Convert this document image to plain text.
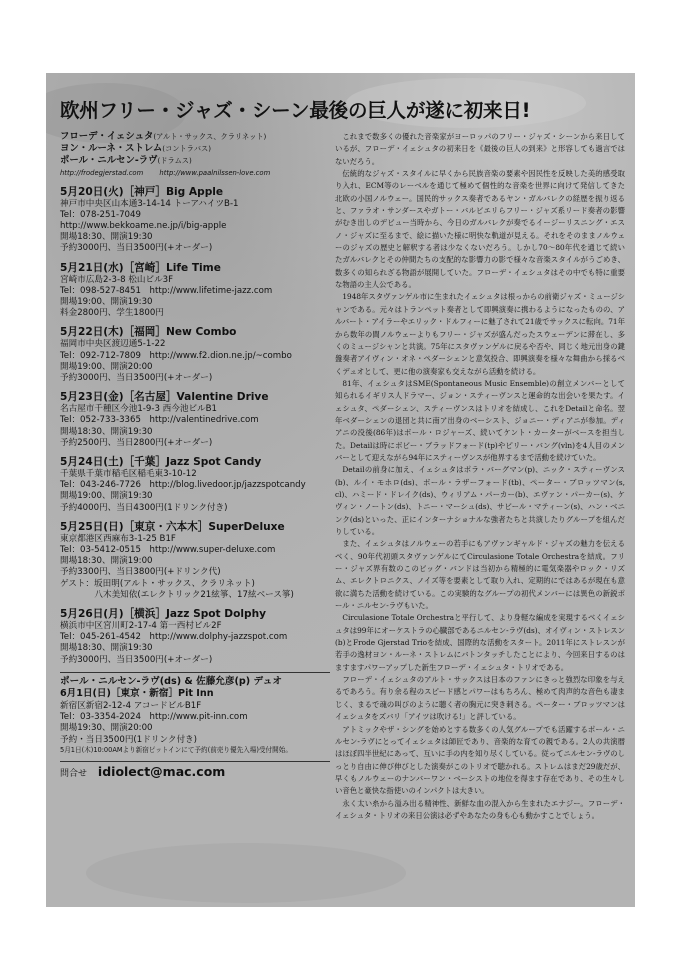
欧州フリー・ジャズ・シーン最後の巨人が遂に初来日!
フローデ・イェシュタ(アルト・サックス、クラリネット)
ヨン・ルーネ・ストレム(コントラバス)
ポール・ニルセン-ラヴ(ドラムス)
http://frodegjerstad.com http://www.paalnilssen-love.com
5月20日(火)［神戸］Big Apple
神戸市中央区山本通3-14-14 トーアハイツB-1
Tel：078-251-7049
http://www.bekkoame.ne.jp/i/big-apple
開場18:30、開演19:30
予約3000円、当日3500円(+オーダー)
5月21日(水)［宮崎］Life Time
宮崎市広島2-3-8 松山ビル3F
Tel：098-527-8451　http://www.lifetime-jazz.com
開場19:00、開演19:30
料金2800円、学生1800円
5月22日(木)［福岡］New Combo
福岡市中央区渡辺通5-1-22
Tel：092-712-7809　http://www.f2.dion.ne.jp/~combo
開場19:00、開演20:00
予約3000円、当日3500円(+オーダー)
5月23日(金)［名古屋］Valentine Drive
名古屋市千種区今池1-9-3 西今池ビルB1
Tel：052-733-3365　http://valentinedrive.com
開場18:30、開演19:30
予約2500円、当日2800円(+オーダー)
5月24日(土)［千葉］Jazz Spot Candy
千葉県千葉市稲毛区稲毛東3-10-12
Tel：043-246-7726　http://blog.livedoor.jp/jazzspotcandy
開場19:00、開演19:30
予約4000円、当日4300円(1ドリンク付き)
5月25日(日)［東京・六本木］SuperDeluxe
東京都港区西麻布3-1-25 B1F
Tel：03-5412-0515　http://www.super-deluxe.com
開場18:30、開演19:00
予約3300円、当日3800円(+ドリンク代)
ゲスト：坂田明(アルト・サックス、クラリネット)
　　　　八木美知依(エレクトリック21絃箏、17絃ベース箏)
5月26日(月)［横浜］Jazz Spot Dolphy
横浜市中区宮川町2-17-4 第一西村ビル2F
Tel：045-261-4542　http://www.dolphy-jazzspot.com
開場18:30、開演19:30
予約3000円、当日3500円(+オーダー)
ポール・ニルセン-ラヴ(ds) & 佐藤允彦(p) デュオ
6月1日(日)［東京・新宿］Pit Inn
新宿区新宿2-12-4 アコードビルB1F
Tel：03-3354-2024　http://www.pit-inn.com
開場19:30、開演20:00
予約・当日3500円(1ドリンク付き)
5月1日(木)10:00AMより新宿ピットインにて予約(前売り優先入場)受付開始。
問合せ idiolect@mac.com

これまで数多くの優れた音楽家がヨーロッパのフリー・ジャズ・シーンから来日しているが、フローデ・イェシュタの初来日を《最後の巨人の到来》と形容しても過言ではないだろう。

伝統的なジャズ・スタイルに早くから民族音楽の要素や因民性を反映した美的感受取り入れ、ECM等のレーベルを通じて極めて個性的な音楽を世界に向けて発信してきた北欧の小国ノルウェー。国民的サックス奏者であるヤン・ガルバレクの経歴を振り返ると、ファラオ・サンダースやガトー・バルビエリらフリー・ジャズ系リード奏者の影響がむき出しのデビュー当時から、今日のガルバレクが奏でるイージーリスニング・エスノ・ジャズに至るまで、絵に描いた様に明快な軌道が見える。それをそのままノルウェーのジャズの歴史と解釈する者は少なくないだろう。しかし70〜80年代を通じて続いたガルバレクとその仲間たちの支配的な影響力の影で様々な音楽スタイルがうごめき、数多くの知られざる物語が展開していた。フローデ・イェシュタはその中でも特に重要な物語の主人公である。

1948年スタヴァンゲル市に生まれたイェシュタは根っからの前衛ジャズ・ミュージシャンである。元々はトランペット奏者として即興演奏に携わるようになったものの、アルバート・アイラーやエリック・ドルフィーに魅了されて21歳でサックスに転向。71年から数年の間ノルウェーよりもフリー・ジャズが盛んだったスウェーデンに滞在し、多くのミュージシャンと共演。75年にスタヴァンゲルに戻るや否や、同じく地元出身の鍵盤奏者アイヴィン・オネ・ペダーシェンと意気投合、即興演奏を様々な舞曲から採るべくデュオとして、更に他の演奏家も交えながら活動を続ける。

81年、イェシュタはSME(Spontaneous Music Ensemble)の創立メンバーとして知られるイギリス人ドラマー、ジョン・スティーヴンスと運命的な出会いを果たす。イェシュタ、ペダーシェン、スティーヴンスはトリオを結成し、これをDetailと命名。翌年ベダーシェンの退団と共に南ア出身のベーシスト、ジョニー・ディアニが参加。ディアニの没後(86年)はボール・ロジャーズ、続いてケント・カーターがベースを担当した。Detailは時にボビー・ブラッドフォード(tp)やピリー・バング(vln)を4人目のメンバーとして迎えながら94年にスティーヴンスが他界するまで活動を続けていた。

Detailの前身に加え、イェシュタはポラ・バーグマン(p)、ニック・スティーヴンス(b)、ルイ・モホロ(ds)、ボール・ラザーフォード(tb)、ペーター・ブロッツマン(s, cl)、ハミード・ドレイク(ds)、ウィリアム・パーカー(b)、エヴァン・パーカー(s)、ケヴィン・ノートン(ds)、トニー・マーシュ(ds)、サビール・マティーン(s)、ハン・ベニンク(ds)といった、正にインターナショナルな強者たちと共演したりグループを組んだりしている。

また、イェシュタはノルウェーの若手にもアヴァンギャルド・ジャズの魅力を伝えるべく、90年代初頭スタヴァンゲルにてCirculasione Totale Orchestraを結成。フリー・ジャズ界有数のこのビッグ・バンドは当初から精極的に電気楽器やロック・リズム、エレクトロニクス、ノイズ等を要素として取り入れ、定期的にではあるが現在も意欲に満ちた活動を続けている。この実験的なグループの初代メンバーには異色の新鋭ポール・ニルセン-ラヴもいた。

Circulasione Totale Orchestraと平行して、より身軽な編成を実現するべくイェシュタは99年にオーケストラの心臓部であるニルセン-ラヴ(ds)、オイヴィン・ストレスン(b)とFrode Gjerstad Trioを結成、国際的な活動をスタート。2011年にストレスンが若手の逸材ヨン・ルーネ・ストレムにバトンタッチしたことにより、今回来日するのはますますパワーアップした新生フローデ・イェシュタ・トリオである。

フローデ・イェシュタのアルト・サックスは日本のファンにきっと強烈な印象を与えるであろう。有り余る程のスピード感とパワーはもちろん、極めて肉声的な音色も凄まじく、まるで魂の叫びのように聴く者の胸元に突き刺さる。ペーター・ブロッツマンはイェシュタをズバリ「アイツは吹ける!」と評している。

アトミックやザ・シングを始めとする数多くの人気グループでも活躍するポール・ニルセン-ラヴにとってイェシュタは師匠であり、音楽的な育ての親である。2人の共演暦はほぼ四半世紀にあって、互いに手の内を知り尽くしている。従ってニルセン-ラヴのしっとり自由に伸び伸びとした演奏がこのトリオで聴かれる。ストレムはまだ29歳だが、早くもノルウェーのナンバーワン・ベーシストの地位を得ます存在であり、その生々しい音色と豪快な指使いのインパクトは大きい。

永く太い糸から溢み出る精神性、新鮮な血の混入から生まれたエナジー。フローデ・イェシュタ・トリオの来日公演は必ずやあなたの身も心も動かすことでしょう。
